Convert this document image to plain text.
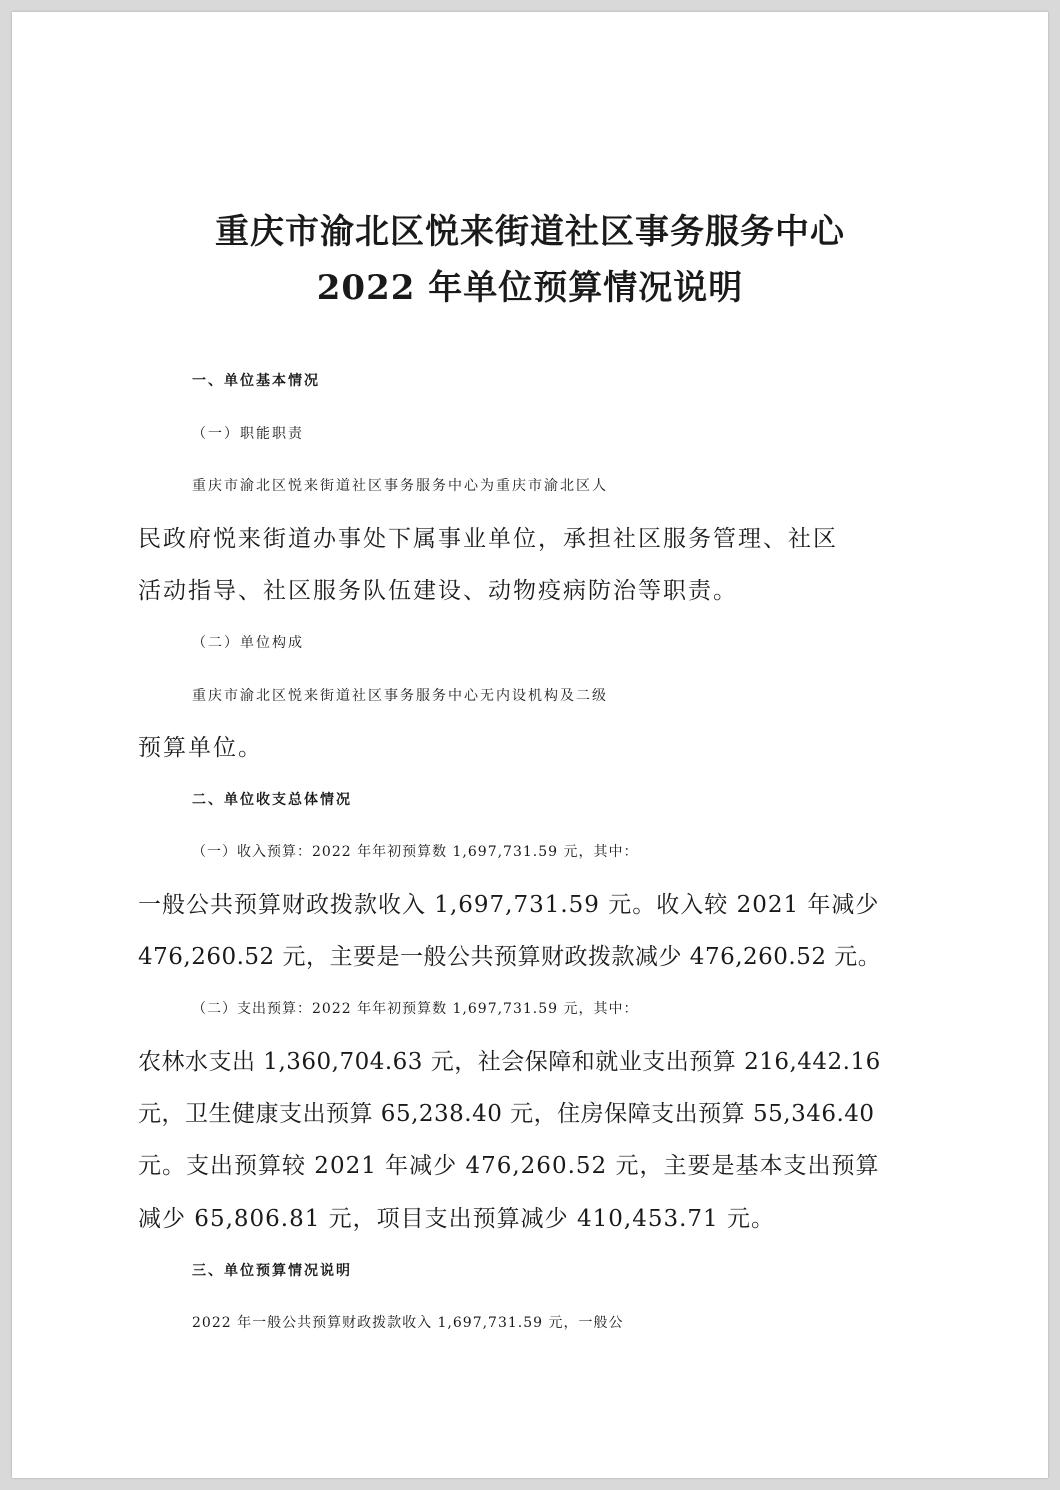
重庆市渝北区悦来街道社区事务服务中心
2022 年单位预算情况说明
一、单位基本情况
（一）职能职责
重庆市渝北区悦来街道社区事务服务中心为重庆市渝北区人
民政府悦来街道办事处下属事业单位，承担社区服务管理、社区
活动指导、社区服务队伍建设、动物疫病防治等职责。
（二）单位构成
重庆市渝北区悦来街道社区事务服务中心无内设机构及二级
预算单位。
二、单位收支总体情况
（一）收入预算：2022 年年初预算数 1,697,731.59 元，其中：
一般公共预算财政拨款收入 1,697,731.59 元。收入较 2021 年减少
476,260.52 元，主要是一般公共预算财政拨款减少 476,260.52 元。
（二）支出预算：2022 年年初预算数 1,697,731.59 元，其中：
农林水支出 1,360,704.63 元，社会保障和就业支出预算 216,442.16
元，卫生健康支出预算 65,238.40 元，住房保障支出预算 55,346.40
元。支出预算较 2021 年减少 476,260.52 元，主要是基本支出预算
减少 65,806.81 元，项目支出预算减少 410,453.71 元。
三、单位预算情况说明
2022 年一般公共预算财政拨款收入 1,697,731.59 元，一般公
